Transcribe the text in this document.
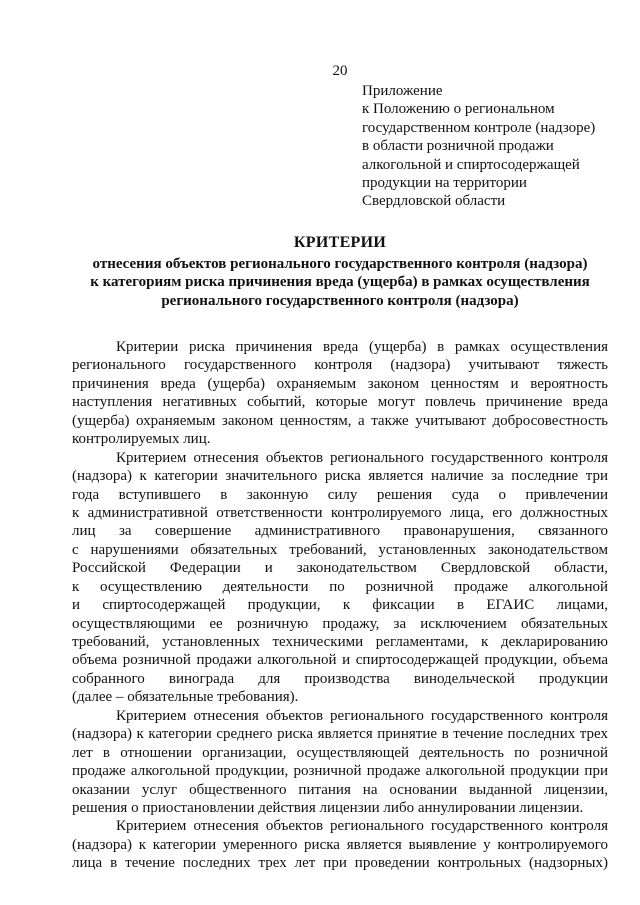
20
Приложение
к Положению о региональном
государственном контроле (надзоре)
в области розничной продажи
алкогольной и спиртосодержащей
продукции на территории
Свердловской области
КРИТЕРИИ
отнесения объектов регионального государственного контроля (надзора)
к категориям риска причинения вреда (ущерба) в рамках осуществления
регионального государственного контроля (надзора)
Критерии риска причинения вреда (ущерба) в рамках осуществления
регионального государственного контроля (надзора) учитывают тяжесть
причинения вреда (ущерба) охраняемым законом ценностям и вероятность
наступления негативных событий, которые могут повлечь причинение вреда
(ущерба) охраняемым законом ценностям, а также учитывают добросовестность
контролируемых лиц.
Критерием отнесения объектов регионального государственного контроля
(надзора) к категории значительного риска является наличие за последние три
года вступившего в законную силу решения суда о привлечении
к административной ответственности контролируемого лица, его должностных
лиц за совершение административного правонарушения, связанного
с нарушениями обязательных требований, установленных законодательством
Российской Федерации и законодательством Свердловской области,
к осуществлению деятельности по розничной продаже алкогольной
и спиртосодержащей продукции, к фиксации в ЕГАИС лицами,
осуществляющими ее розничную продажу, за исключением обязательных
требований, установленных техническими регламентами, к декларированию
объема розничной продажи алкогольной и спиртосодержащей продукции, объема
собранного винограда для производства винодельческой продукции
(далее – обязательные требования).
Критерием отнесения объектов регионального государственного контроля
(надзора) к категории среднего риска является принятие в течение последних трех
лет в отношении организации, осуществляющей деятельность по розничной
продаже алкогольной продукции, розничной продаже алкогольной продукции при
оказании услуг общественного питания на основании выданной лицензии,
решения о приостановлении действия лицензии либо аннулировании лицензии.
Критерием отнесения объектов регионального государственного контроля
(надзора) к категории умеренного риска является выявление у контролируемого
лица в течение последних трех лет при проведении контрольных (надзорных)
